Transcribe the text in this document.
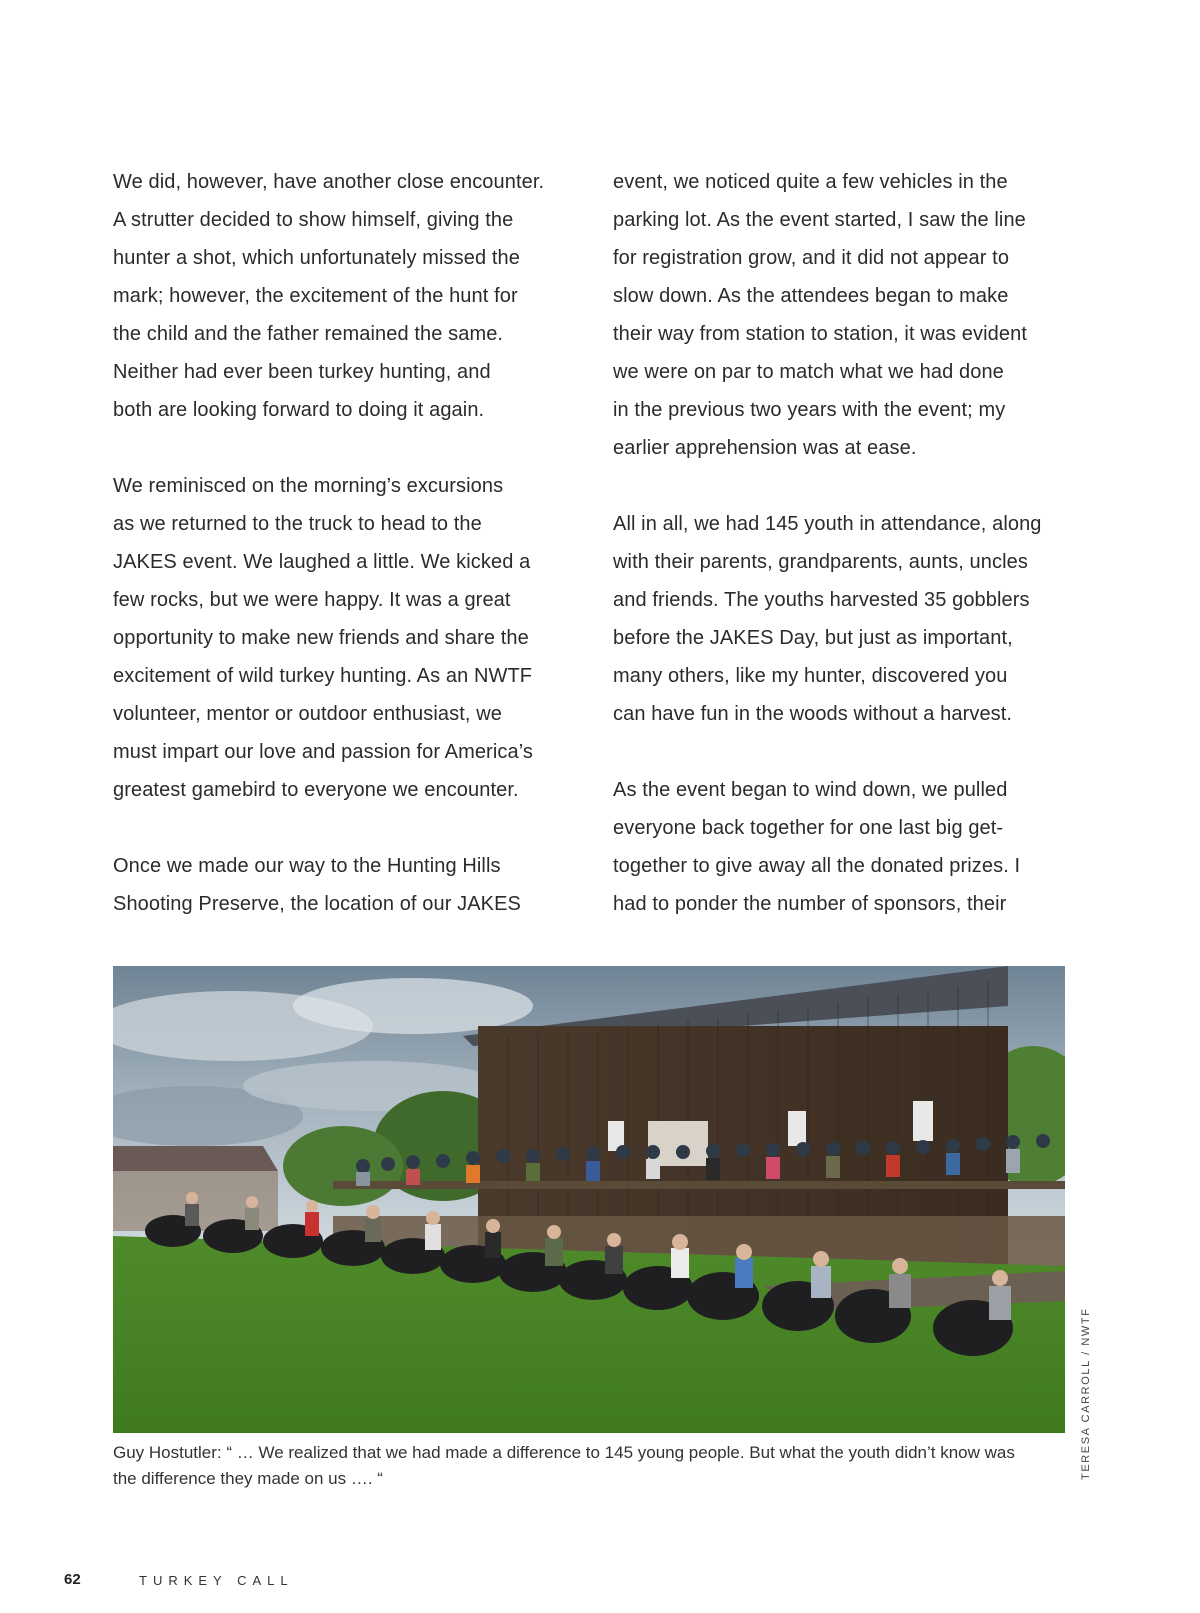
We did, however, have another close encounter.
A strutter decided to show himself, giving the
hunter a shot, which unfortunately missed the
mark; however, the excitement of the hunt for
the child and the father remained the same.
Neither had ever been turkey hunting, and
both are looking forward to doing it again.

We reminisced on the morning’s excursions
as we returned to the truck to head to the
JAKES event. We laughed a little. We kicked a
few rocks, but we were happy. It was a great
opportunity to make new friends and share the
excitement of wild turkey hunting. As an NWTF
volunteer, mentor or outdoor enthusiast, we
must impart our love and passion for America’s
greatest gamebird to everyone we encounter.

Once we made our way to the Hunting Hills
Shooting Preserve, the location of our JAKES

event, we noticed quite a few vehicles in the
parking lot. As the event started, I saw the line
for registration grow, and it did not appear to
slow down. As the attendees began to make
their way from station to station, it was evident
we were on par to match what we had done
in the previous two years with the event; my
earlier apprehension was at ease.

All in all, we had 145 youth in attendance, along
with their parents, grandparents, aunts, uncles
and friends. The youths harvested 35 gobblers
before the JAKES Day, but just as important,
many others, like my hunter, discovered you
can have fun in the woods without a harvest.

As the event began to wind down, we pulled
everyone back together for one last big get-
together to give away all the donated prizes. I
had to ponder the number of sponsors, their

TERESA CARROLL / NWTF
Guy Hostutler: “ … We realized that we had made a difference to 145 young people. But what the youth didn’t know was the difference they made on us …. “
62	TURKEY CALL
